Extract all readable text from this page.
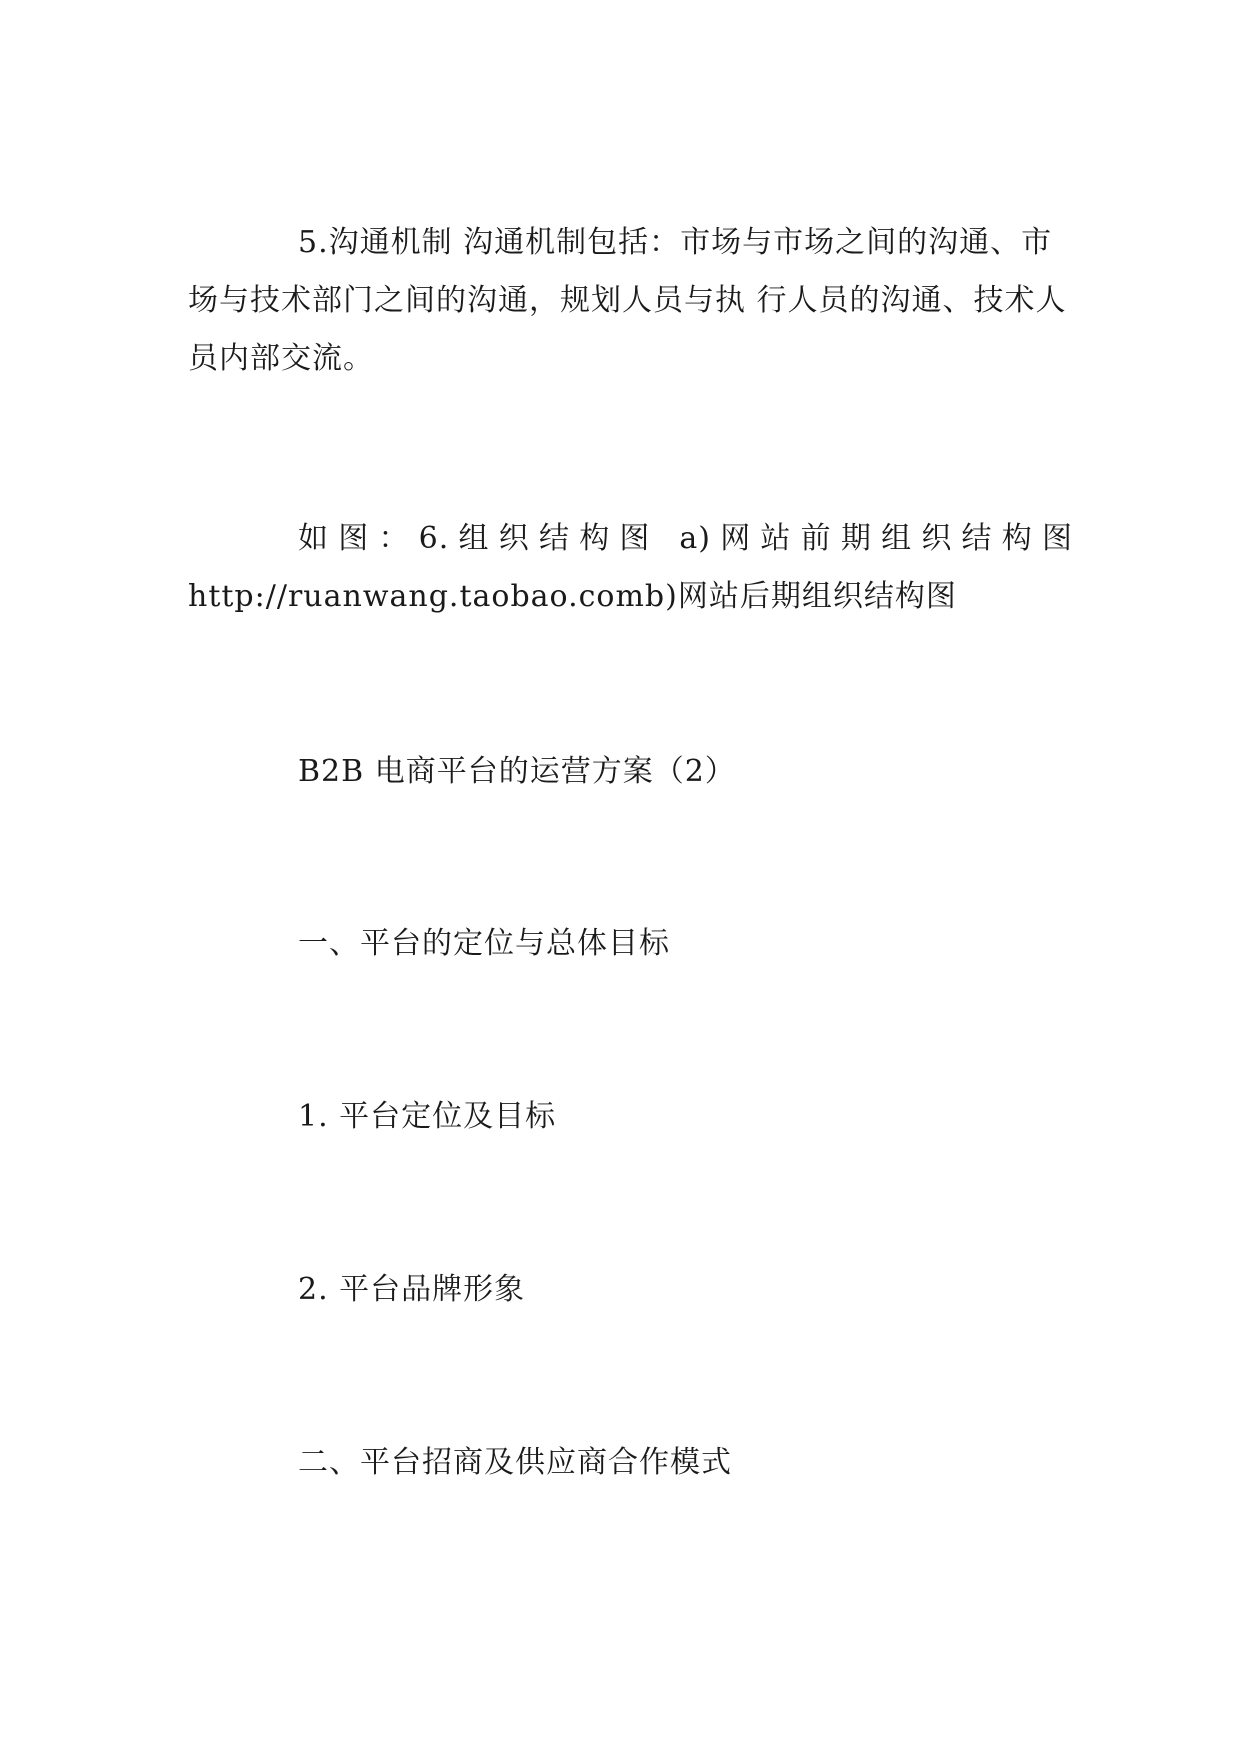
5.沟通机制 沟通机制包括：市场与市场之间的沟通、市场与技术部门之间的沟通，规划人员与执 行人员的沟通、技术人员内部交流。

如图：6.组织结构图 a)网站前期组织结构图 http://ruanwang.taobao.comb)网站后期组织结构图

B2B 电商平台的运营方案（2）

一、平台的定位与总体目标

1. 平台定位及目标

2. 平台品牌形象

二、平台招商及供应商合作模式
